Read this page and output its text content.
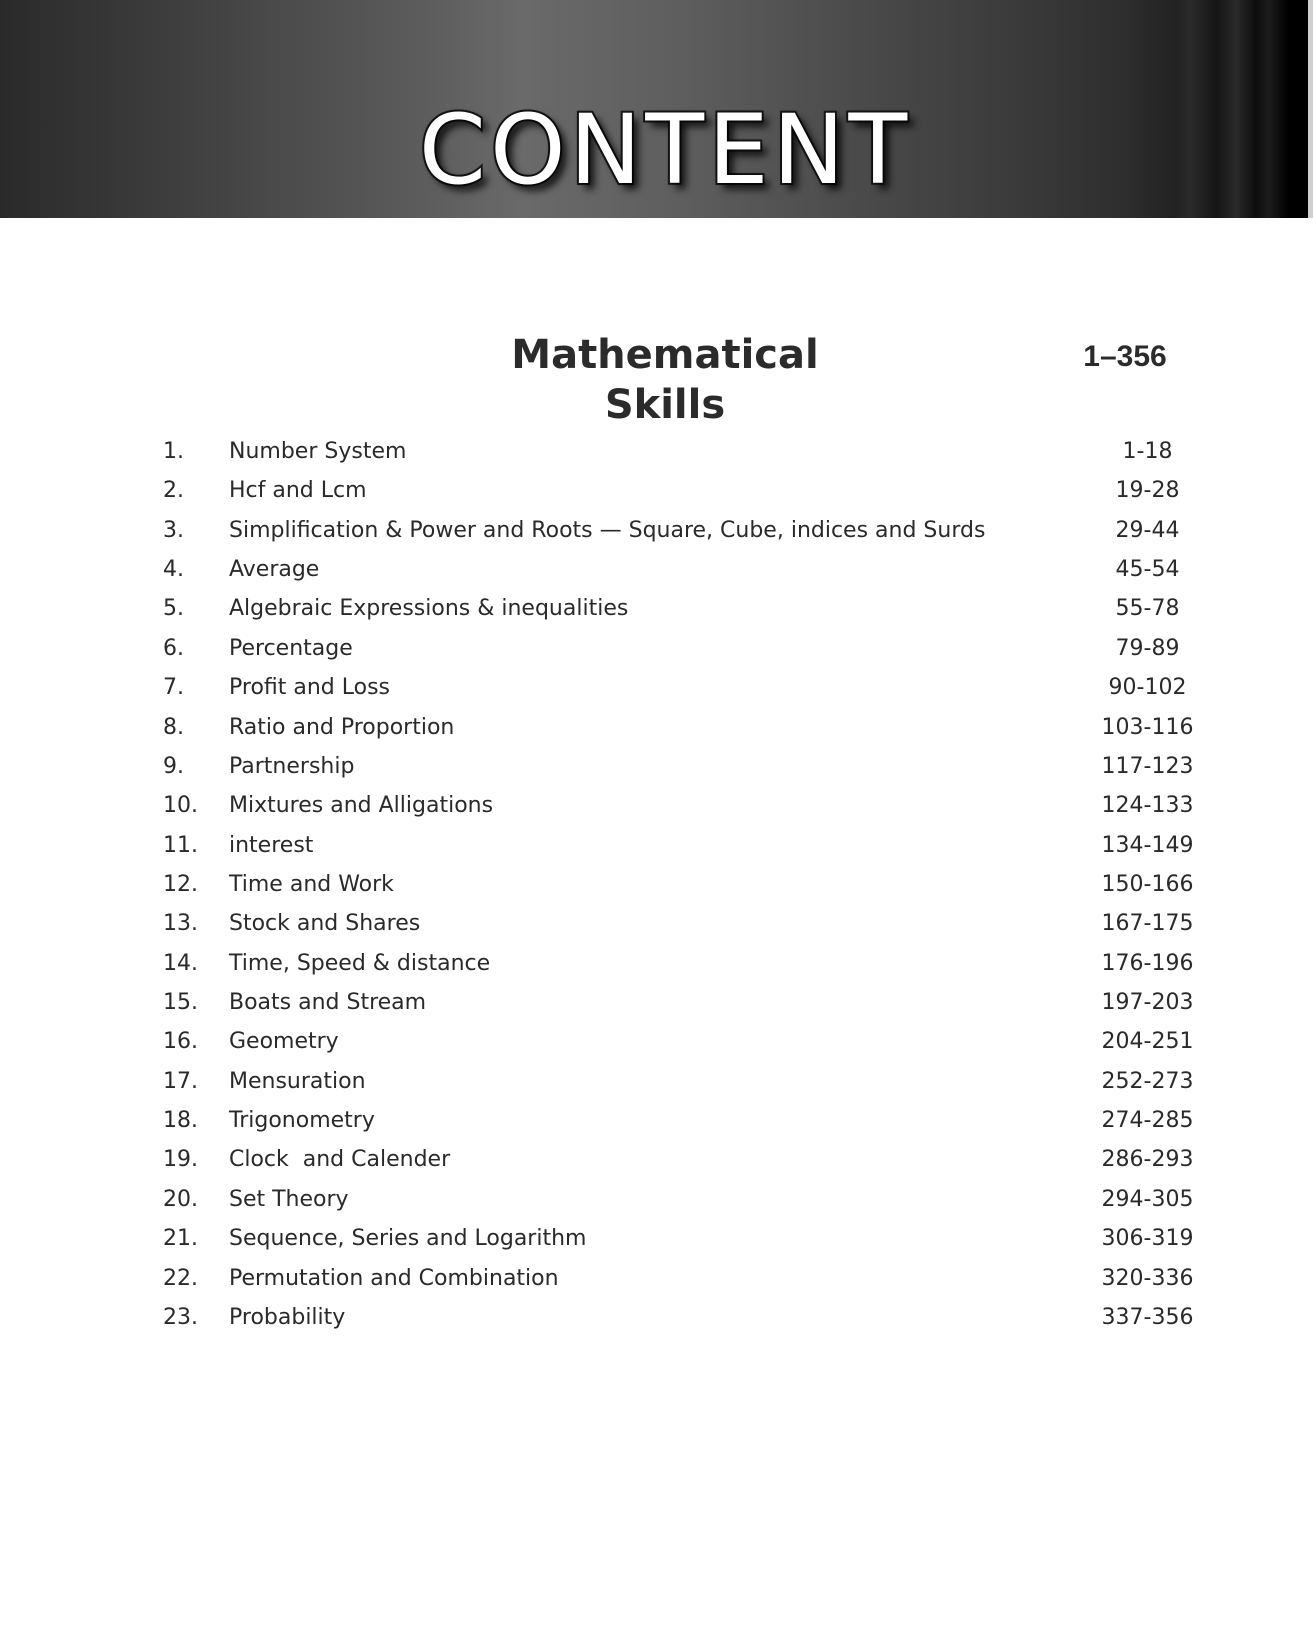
CONTENT
Mathematical Skills
1–356
1.	Number System	1-18
2.	Hcf and Lcm	19-28
3.	Simplification & Power and Roots — Square, Cube, indices and Surds	29-44
4.	Average	45-54
5.	Algebraic Expressions & inequalities	55-78
6.	Percentage	79-89
7.	Profit and Loss	90-102
8.	Ratio and Proportion	103-116
9.	Partnership	117-123
10.	Mixtures and Alligations	124-133
11.	interest	134-149
12.	Time and Work	150-166
13.	Stock and Shares	167-175
14.	Time, Speed & distance	176-196
15.	Boats and Stream	197-203
16.	Geometry	204-251
17.	Mensuration	252-273
18.	Trigonometry	274-285
19.	Clock  and Calender	286-293
20.	Set Theory	294-305
21.	Sequence, Series and Logarithm	306-319
22.	Permutation and Combination	320-336
23.	Probability	337-356
